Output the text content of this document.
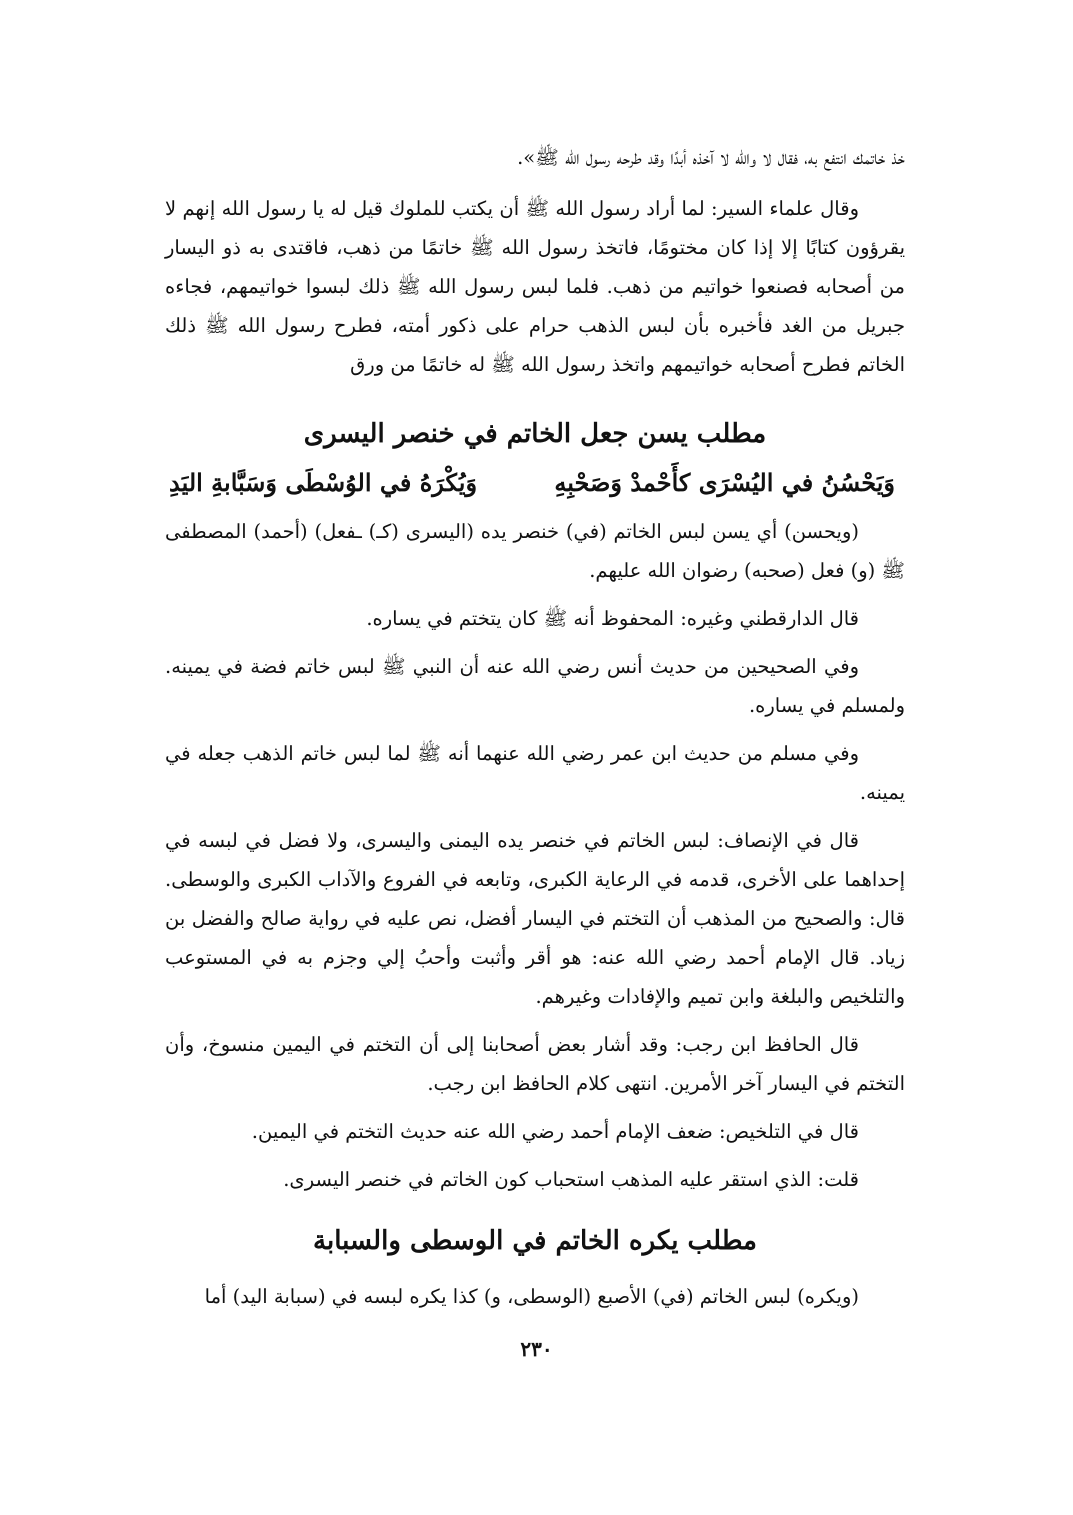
خذ خاتمك انتفع به، فقال لا والله لا آخذه أبدًا وقد طرحه رسول الله ﷺ».

وقال علماء السير: لما أراد رسول الله ﷺ أن يكتب للملوك قيل له يا رسول الله إنهم لا يقرؤون كتابًا إلا إذا كان مختومًا، فاتخذ رسول الله ﷺ خاتمًا من ذهب، فاقتدى به ذو اليسار من أصحابه فصنعوا خواتيم من ذهب. فلما لبس رسول الله ﷺ ذلك لبسوا خواتيمهم، فجاءه جبريل من الغد فأخبره بأن لبس الذهب حرام على ذكور أمته، فطرح رسول الله ﷺ ذلك الخاتم فطرح أصحابه خواتيمهم واتخذ رسول الله ﷺ له خاتمًا من ورق

مطلب يسن جعل الخاتم في خنصر اليسرى
وَيَحْسُنُ في اليُسْرَى كأَحْمدْ وَصَحْبِهِ
وَيُكْرَهُ في الوُسْطَى وَسَبَّابةِ اليَدِ

(ويحسن) أي يسن لبس الخاتم (في) خنصر يده (اليسرى (كـ) ـفعل) (أحمد) المصطفى ﷺ (و) فعل (صحبه) رضوان الله عليهم.

قال الدارقطني وغيره: المحفوظ أنه ﷺ كان يتختم في يساره.

وفي الصحيحين من حديث أنس رضي الله عنه أن النبي ﷺ لبس خاتم فضة في يمينه. ولمسلم في يساره.

وفي مسلم من حديث ابن عمر رضي الله عنهما أنه ﷺ لما لبس خاتم الذهب جعله في يمينه.

قال في الإنصاف: لبس الخاتم في خنصر يده اليمنى واليسرى، ولا فضل في لبسه في إحداهما على الأخرى، قدمه في الرعاية الكبرى، وتابعه في الفروع والآداب الكبرى والوسطى. قال: والصحيح من المذهب أن التختم في اليسار أفضل، نص عليه في رواية صالح والفضل بن زياد. قال الإمام أحمد رضي الله عنه: هو أقر وأثبت وأحبُ إلي وجزم به في المستوعب والتلخيص والبلغة وابن تميم والإفادات وغيرهم.

قال الحافظ ابن رجب: وقد أشار بعض أصحابنا إلى أن التختم في اليمين منسوخ، وأن التختم في اليسار آخر الأمرين. انتهى كلام الحافظ ابن رجب.

قال في التلخيص: ضعف الإمام أحمد رضي الله عنه حديث التختم في اليمين.

قلت: الذي استقر عليه المذهب استحباب كون الخاتم في خنصر اليسرى.

مطلب يكره الخاتم في الوسطى والسبابة

(ويكره) لبس الخاتم (في) الأصبع (الوسطى، و) كذا يكره لبسه في (سبابة اليد) أما

٢٣٠
